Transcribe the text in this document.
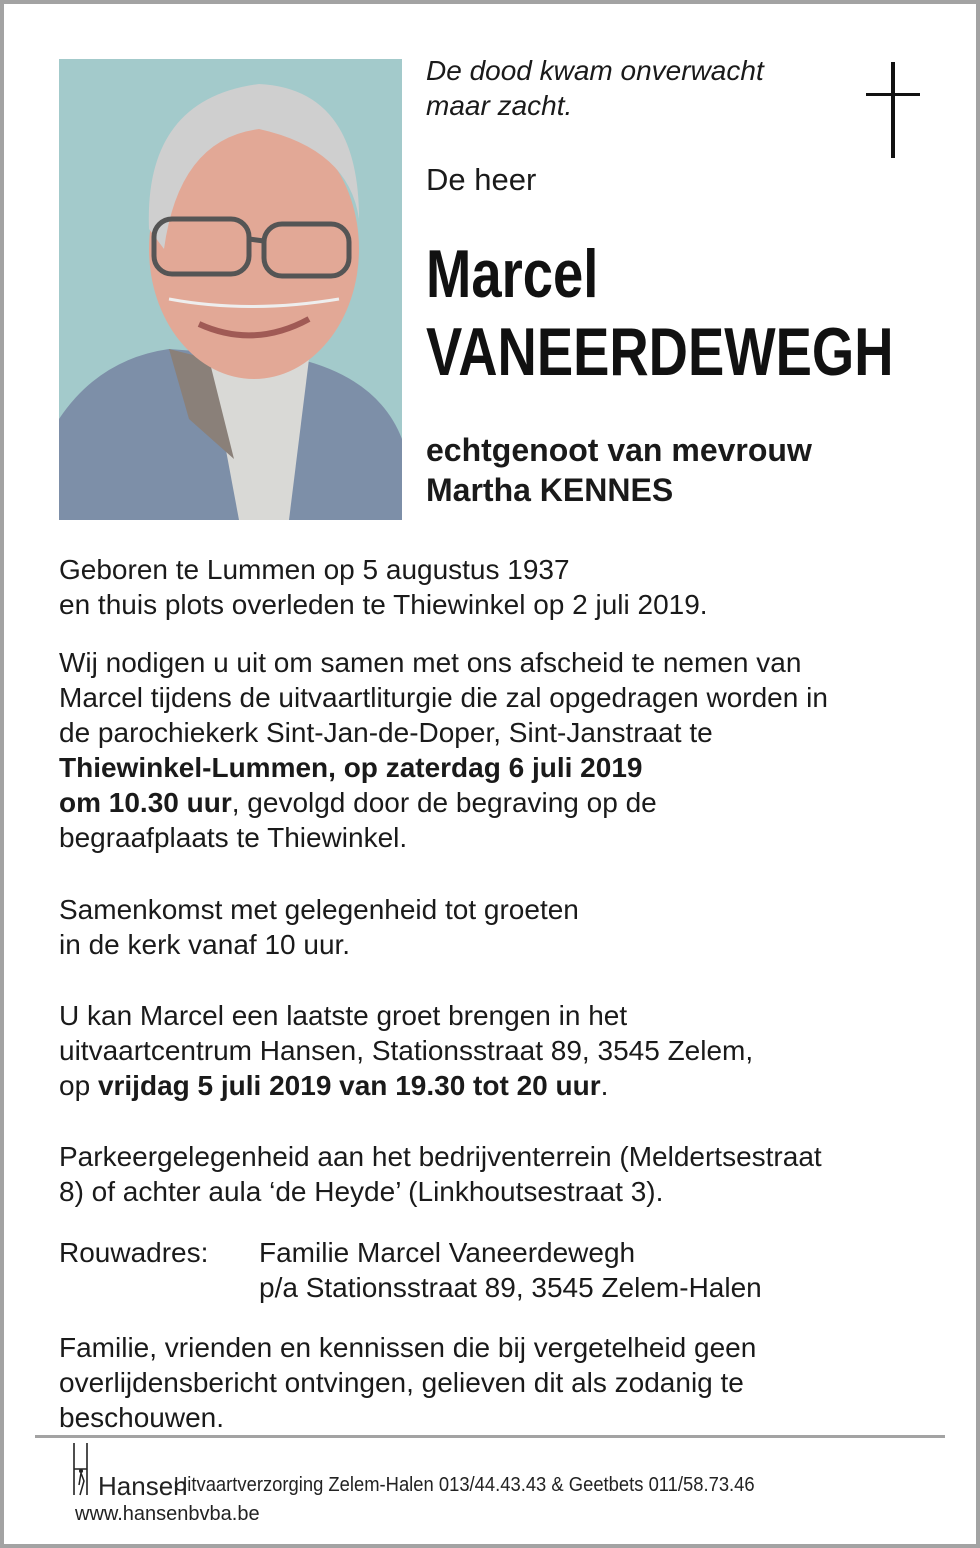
De dood kwam onverwacht
maar zacht.
De heer
Marcel
VANEERDEWEGH
echtgenoot van mevrouw
Martha KENNES
Geboren te Lummen op 5 augustus 1937
en thuis plots overleden te Thiewinkel op 2 juli 2019.
Wij nodigen u uit om samen met ons afscheid te nemen van
Marcel tijdens de uitvaartliturgie die zal opgedragen worden in
de parochiekerk Sint-Jan-de-Doper, Sint-Janstraat te
Thiewinkel-Lummen, op zaterdag 6 juli 2019
om 10.30 uur, gevolgd door de begraving op de
begraafplaats te Thiewinkel.
Samenkomst met gelegenheid tot groeten
in de kerk vanaf 10 uur.
U kan Marcel een laatste groet brengen in het
uitvaartcentrum Hansen, Stationsstraat 89, 3545 Zelem,
op vrijdag 5 juli 2019 van 19.30 tot 20 uur.
Parkeergelegenheid aan het bedrijventerrein (Meldertsestraat
8) of achter aula ‘de Heyde’ (Linkhoutsestraat 3).
Rouwadres: Familie Marcel Vaneerdewegh
p/a Stationsstraat 89, 3545 Zelem-Halen
Familie, vrienden en kennissen die bij vergetelheid geen
overlijdensbericht ontvingen, gelieven dit als zodanig te
beschouwen.
Hansen
Uitvaartverzorging Zelem-Halen 013/44.43.43 & Geetbets 011/58.73.46
www.hansenbvba.be
